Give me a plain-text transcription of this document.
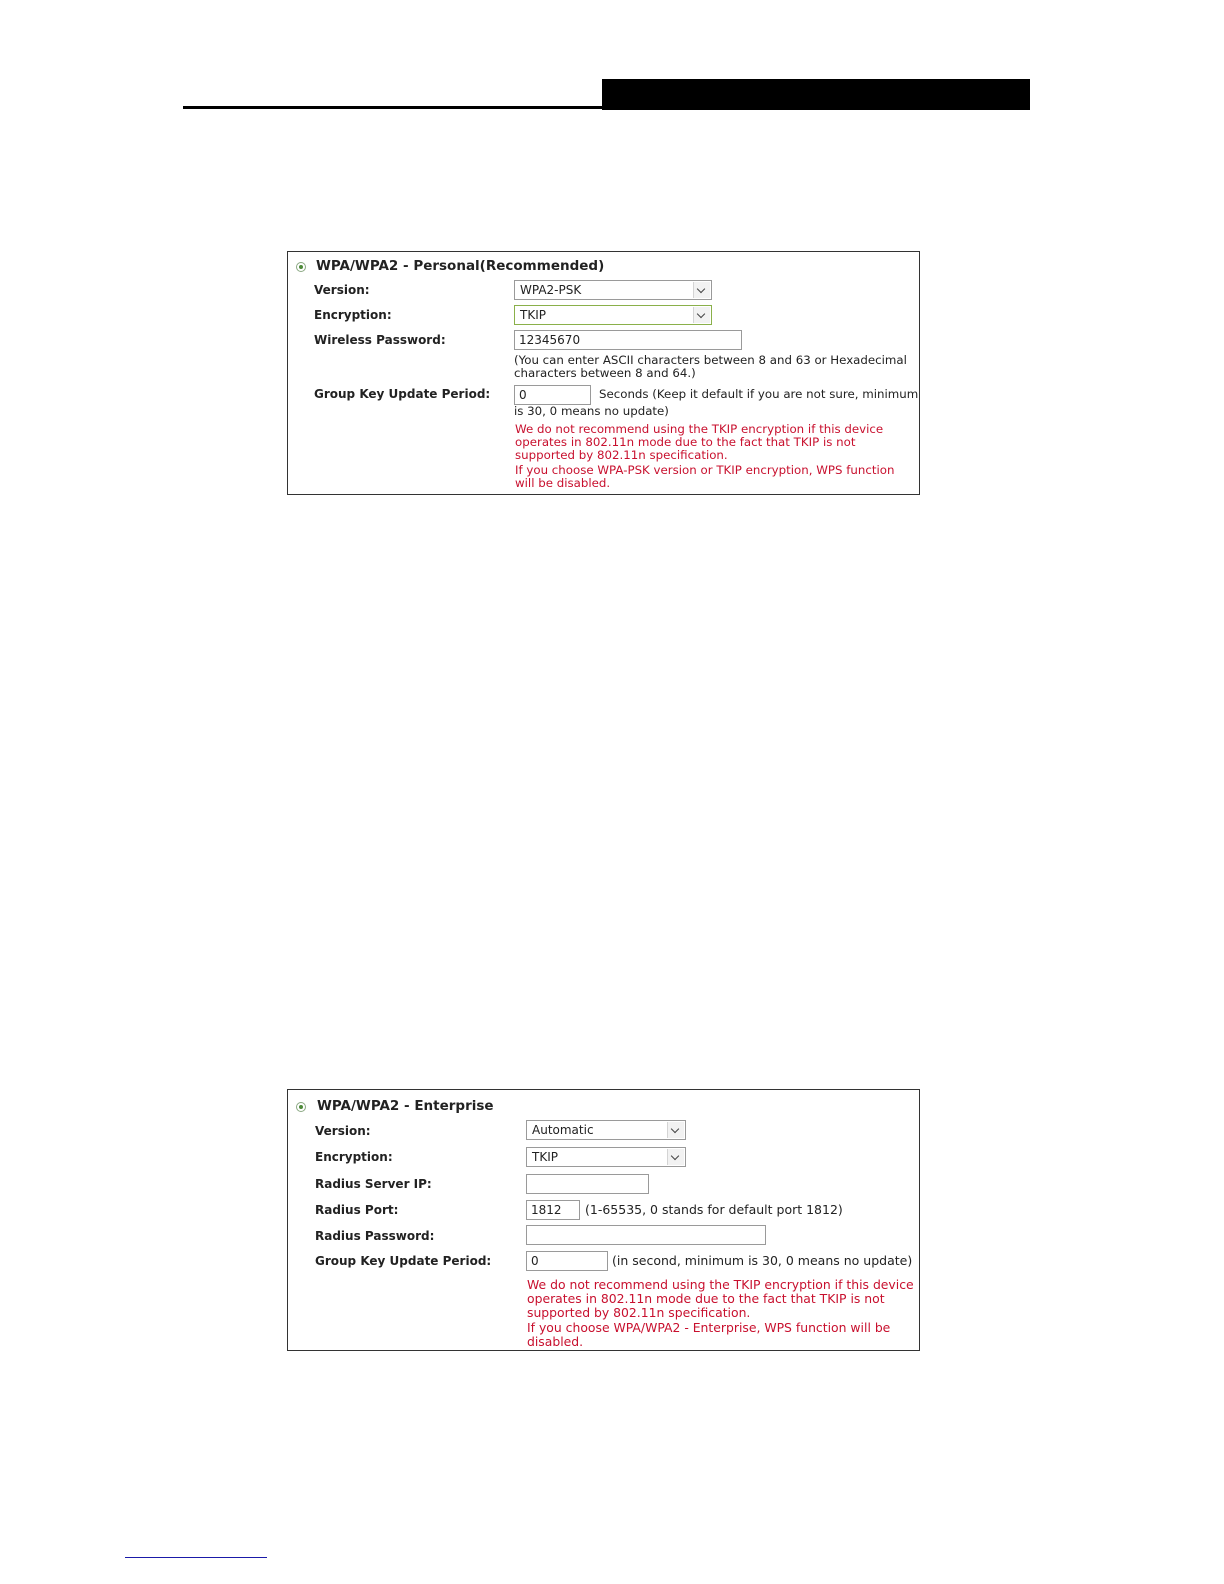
WPA/WPA2 - Personal(Recommended)
Version:	WPA2-PSK
Encryption:	TKIP
Wireless Password:
12345670
(You can enter ASCII characters between 8 and 63 or Hexadecimal
characters between 8 and 64.)
Group Key Update Period:
0	Seconds (Keep it default if you are not sure, minimum
is 30, 0 means no update)
We do not recommend using the TKIP encryption if this device
operates in 802.11n mode due to the fact that TKIP is not
supported by 802.11n specification.
If you choose WPA-PSK version or TKIP encryption, WPS function
will be disabled.
WPA/WPA2 - Enterprise
Version:	Automatic
Encryption:	TKIP
Radius Server IP:
Radius Port:
1812	(1-65535, 0 stands for default port 1812)
Radius Password:
Group Key Update Period:
0	(in second, minimum is 30, 0 means no update)
We do not recommend using the TKIP encryption if this device
operates in 802.11n mode due to the fact that TKIP is not
supported by 802.11n specification.
If you choose WPA/WPA2 - Enterprise, WPS function will be
disabled.
